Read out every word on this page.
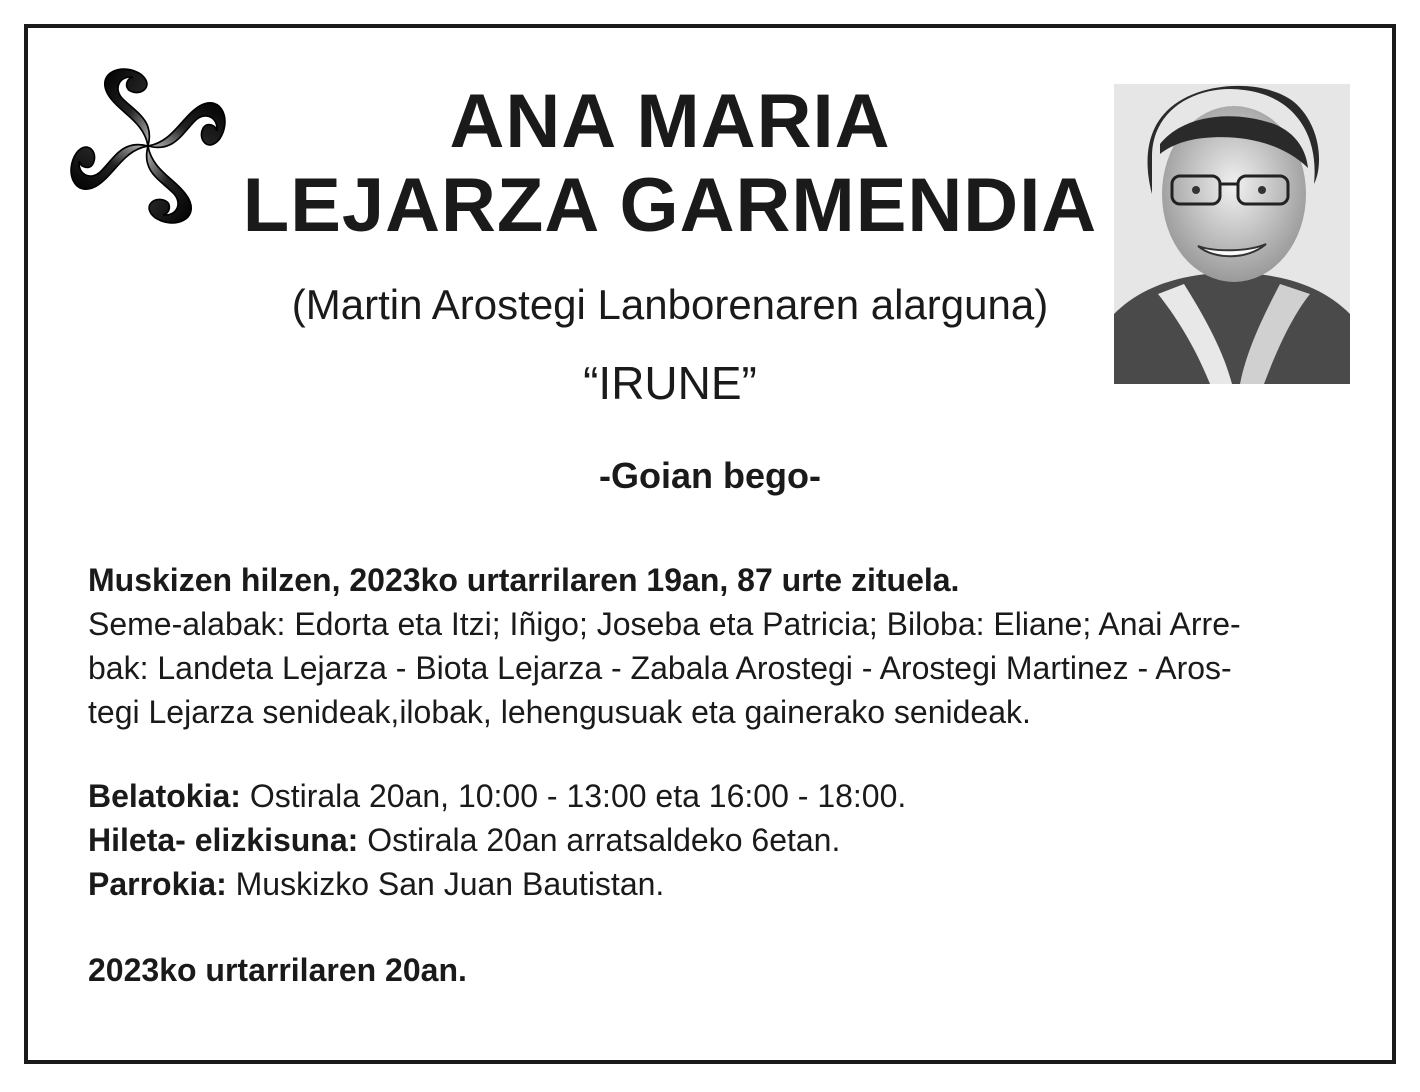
ANA MARIA
LEJARZA GARMENDIA
(Martin Arostegi Lanborenaren alarguna)
“IRUNE”
-Goian bego-
Muskizen hilzen, 2023ko urtarrilaren 19an, 87 urte zituela.
Seme-alabak: Edorta eta Itzi; Iñigo; Joseba eta Patricia; Biloba: Eliane; Anai Arre-
bak: Landeta Lejarza - Biota Lejarza - Zabala Arostegi - Arostegi Martinez - Aros-
tegi Lejarza senideak,ilobak, lehengusuak eta gainerako senideak.
Belatokia: Ostirala 20an, 10:00 - 13:00 eta 16:00 - 18:00.
Hileta- elizkisuna: Ostirala 20an arratsaldeko 6etan.
Parrokia: Muskizko San Juan Bautistan.
2023ko urtarrilaren 20an.
